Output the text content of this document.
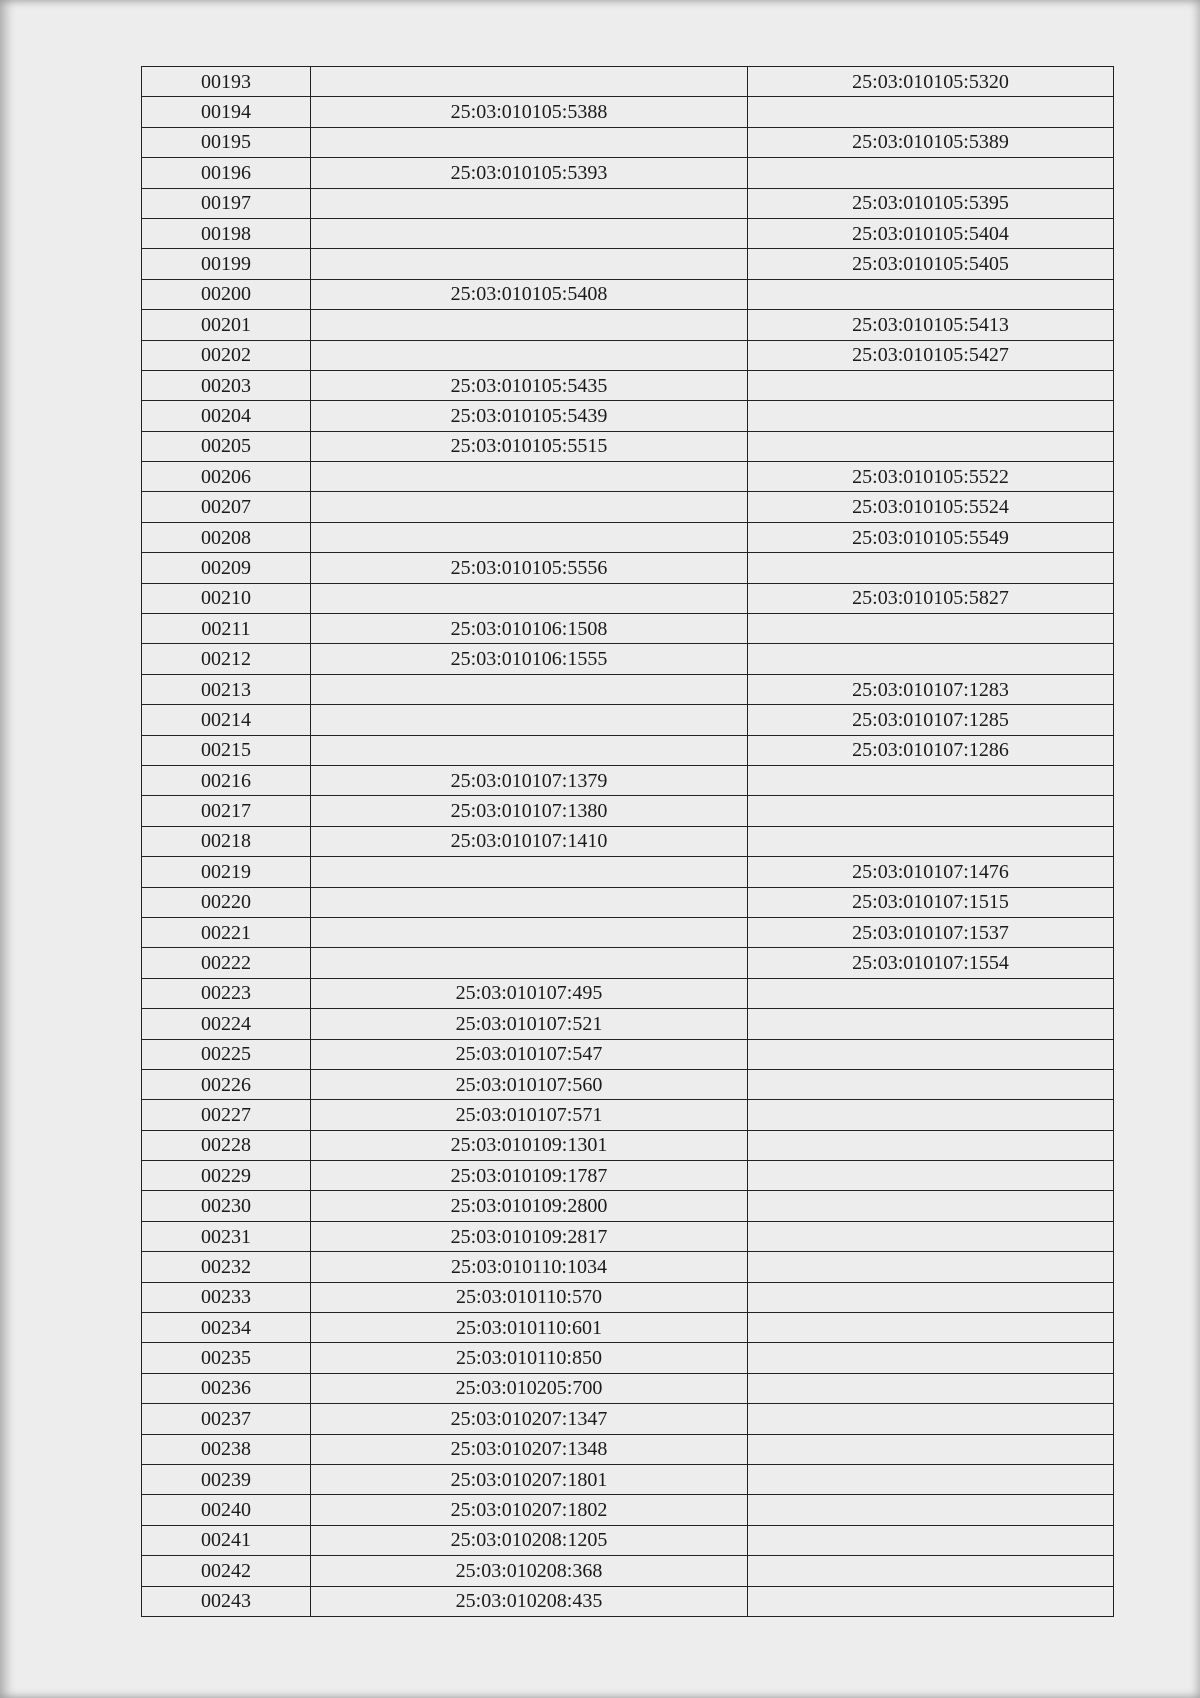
00193		25:03:010105:5320
00194	25:03:010105:5388	
00195		25:03:010105:5389
00196	25:03:010105:5393	
00197		25:03:010105:5395
00198		25:03:010105:5404
00199		25:03:010105:5405
00200	25:03:010105:5408	
00201		25:03:010105:5413
00202		25:03:010105:5427
00203	25:03:010105:5435	
00204	25:03:010105:5439	
00205	25:03:010105:5515	
00206		25:03:010105:5522
00207		25:03:010105:5524
00208		25:03:010105:5549
00209	25:03:010105:5556	
00210		25:03:010105:5827
00211	25:03:010106:1508	
00212	25:03:010106:1555	
00213		25:03:010107:1283
00214		25:03:010107:1285
00215		25:03:010107:1286
00216	25:03:010107:1379	
00217	25:03:010107:1380	
00218	25:03:010107:1410	
00219		25:03:010107:1476
00220		25:03:010107:1515
00221		25:03:010107:1537
00222		25:03:010107:1554
00223	25:03:010107:495	
00224	25:03:010107:521	
00225	25:03:010107:547	
00226	25:03:010107:560	
00227	25:03:010107:571	
00228	25:03:010109:1301	
00229	25:03:010109:1787	
00230	25:03:010109:2800	
00231	25:03:010109:2817	
00232	25:03:010110:1034	
00233	25:03:010110:570	
00234	25:03:010110:601	
00235	25:03:010110:850	
00236	25:03:010205:700	
00237	25:03:010207:1347	
00238	25:03:010207:1348	
00239	25:03:010207:1801	
00240	25:03:010207:1802	
00241	25:03:010208:1205	
00242	25:03:010208:368	
00243	25:03:010208:435	
